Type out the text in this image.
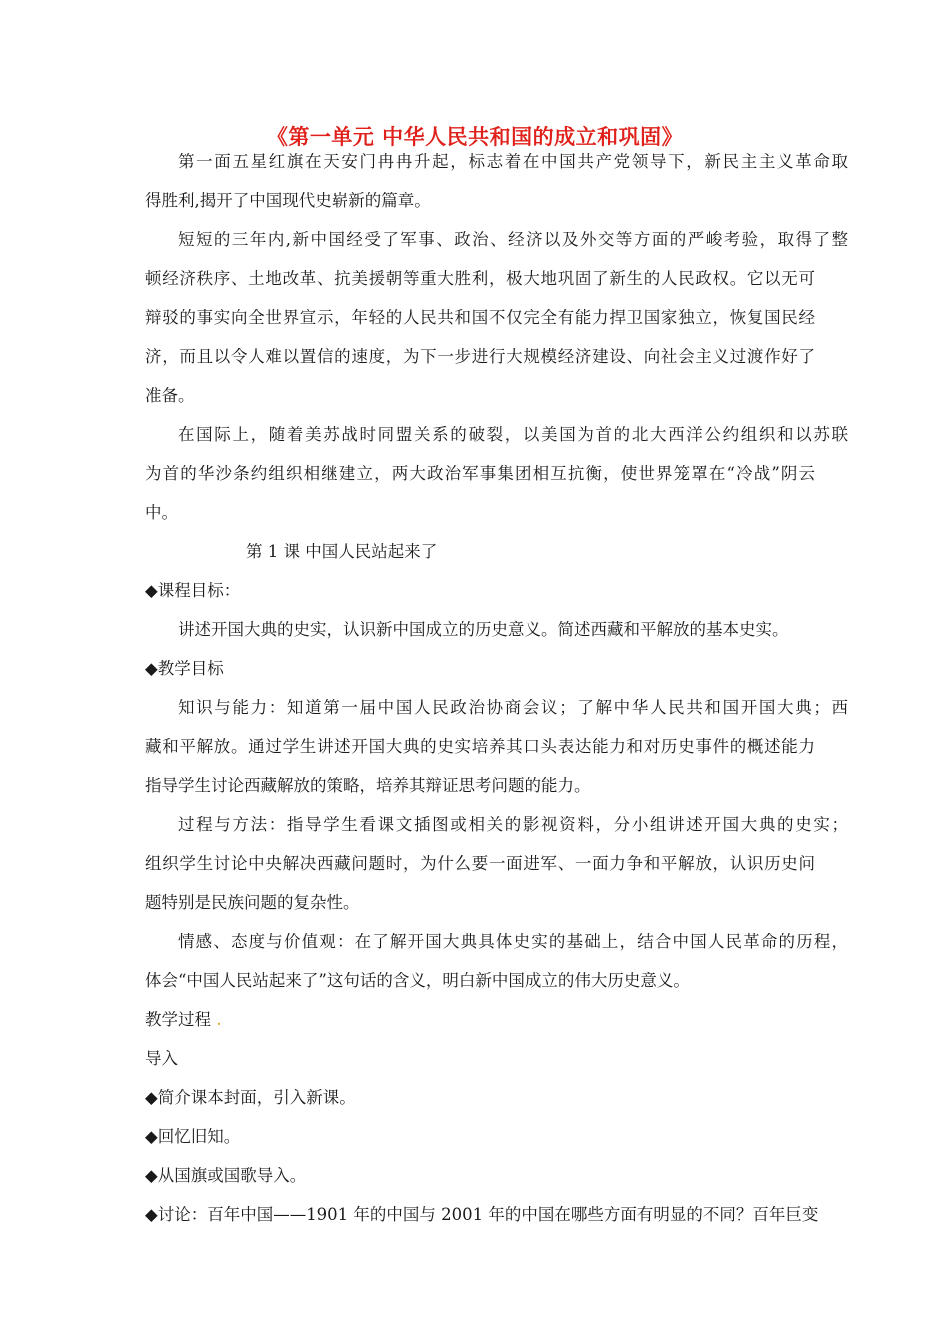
《第一单元 中华人民共和国的成立和巩固》
第一面五星红旗在天安门冉冉升起，标志着在中国共产党领导下，新民主主义革命取
得胜利,揭开了中国现代史崭新的篇章。
短短的三年内,新中国经受了军事、政治、经济以及外交等方面的严峻考验，取得了整
顿经济秩序、土地改革、抗美援朝等重大胜利，极大地巩固了新生的人民政权。它以无可
辩驳的事实向全世界宣示，年轻的人民共和国不仅完全有能力捍卫国家独立，恢复国民经
济，而且以令人难以置信的速度，为下一步进行大规模经济建设、向社会主义过渡作好了
准备。
在国际上，随着美苏战时同盟关系的破裂，以美国为首的北大西洋公约组织和以苏联
为首的华沙条约组织相继建立，两大政治军事集团相互抗衡，使世界笼罩在“冷战”阴云
中。
第 1 课 中国人民站起来了
◆课程目标：
讲述开国大典的史实，认识新中国成立的历史意义。简述西藏和平解放的基本史实。
◆教学目标
知识与能力：知道第一届中国人民政治协商会议；了解中华人民共和国开国大典；西
藏和平解放。通过学生讲述开国大典的史实培养其口头表达能力和对历史事件的概述能力
指导学生讨论西藏解放的策略，培养其辩证思考问题的能力。
过程与方法：指导学生看课文插图或相关的影视资料，分小组讲述开国大典的史实；
组织学生讨论中央解决西藏问题时，为什么要一面进军、一面力争和平解放，认识历史问
题特别是民族问题的复杂性。
情感、态度与价值观：在了解开国大典具体史实的基础上，结合中国人民革命的历程，
体会“中国人民站起来了”这句话的含义，明白新中国成立的伟大历史意义。
教学过程 .
导入
◆简介课本封面，引入新课。
◆回忆旧知。
◆从国旗或国歌导入。
◆讨论：百年中国——1901 年的中国与 2001 年的中国在哪些方面有明显的不同？百年巨变
